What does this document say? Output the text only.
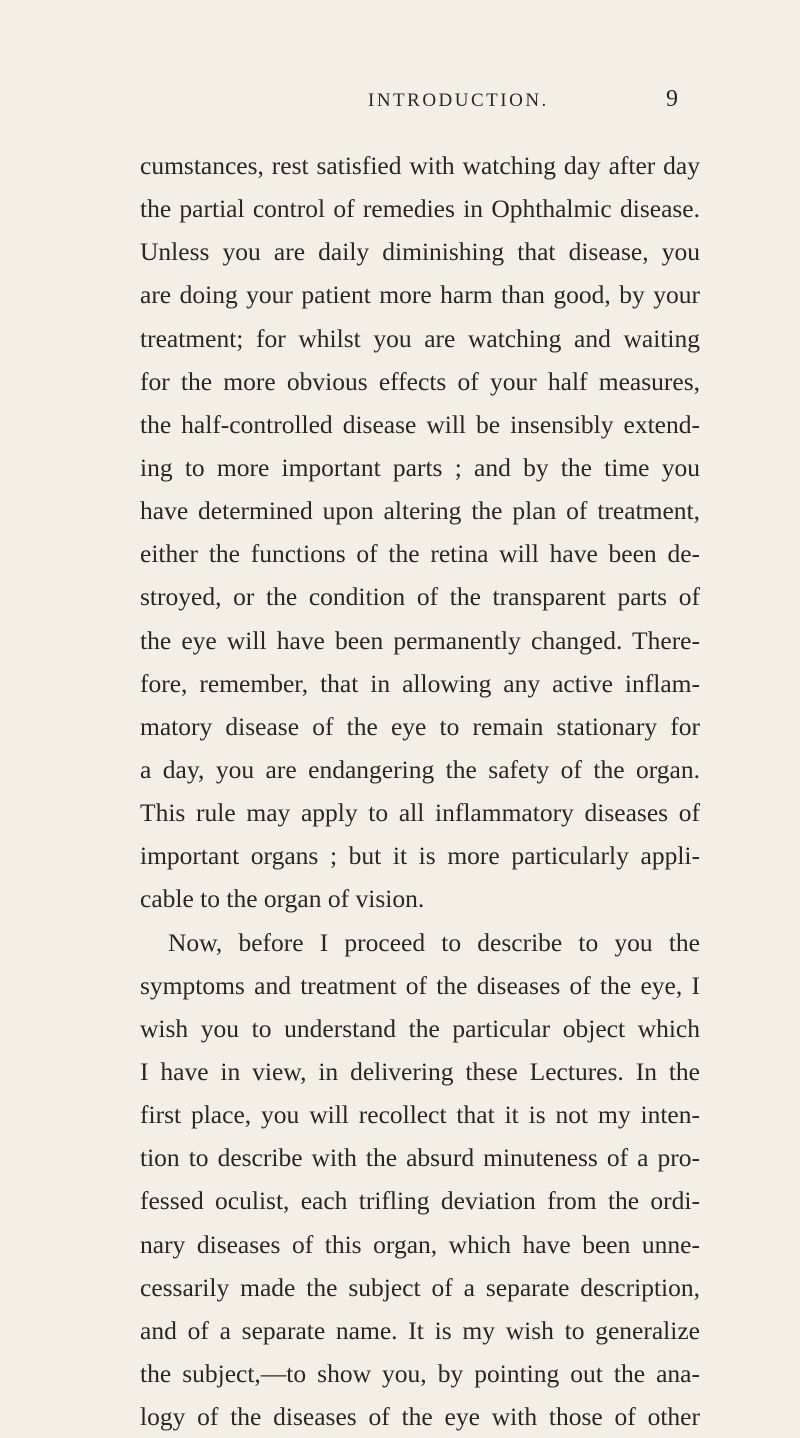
INTRODUCTION.	9
cumstances, rest satisfied with watching day after day
the partial control of remedies in Ophthalmic disease.
Unless you are daily diminishing that disease, you
are doing your patient more harm than good, by your
treatment; for whilst you are watching and waiting
for the more obvious effects of your half measures,
the half-controlled disease will be insensibly extend-
ing to more important parts ; and by the time you
have determined upon altering the plan of treatment,
either the functions of the retina will have been de-
stroyed, or the condition of the transparent parts of
the eye will have been permanently changed. There-
fore, remember, that in allowing any active inflam-
matory disease of the eye to remain stationary for
a day, you are endangering the safety of the organ.
This rule may apply to all inflammatory diseases of
important organs ; but it is more particularly appli-
cable to the organ of vision.
Now, before I proceed to describe to you the
symptoms and treatment of the diseases of the eye, I
wish you to understand the particular object which
I have in view, in delivering these Lectures. In the
first place, you will recollect that it is not my inten-
tion to describe with the absurd minuteness of a pro-
fessed oculist, each trifling deviation from the ordi-
nary diseases of this organ, which have been unne-
cessarily made the subject of a separate description,
and of a separate name. It is my wish to generalize
the subject,—to show you, by pointing out the ana-
logy of the diseases of the eye with those of other
